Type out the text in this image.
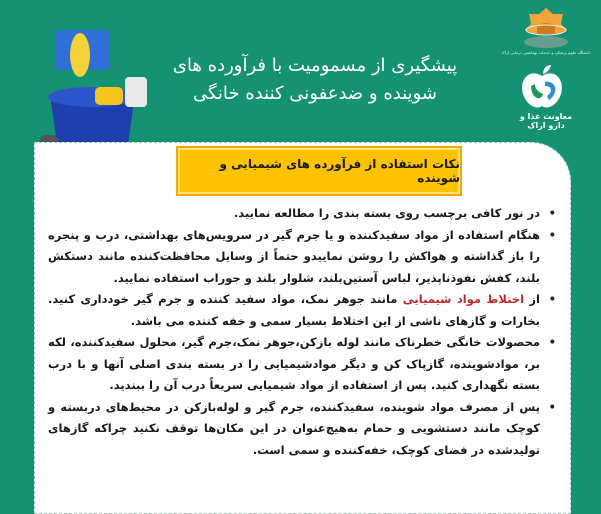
پیشگیری از مسمومیت با فرآورده های
شوینده و ضدعفونی کننده خانگی
دانشگاه علوم پزشکی و خدمات بهداشتی درمانی اراک
معاونت غذا و دارو اراک
نکات استفاده از فرآورده های شیمیایی و شوینده
• در نور کافی برچسب روی بسته بندی را مطالعه نمایید.
• هنگام استفاده از مواد سفیدکننده و یا جرم گیر در سرویس‌های بهداشتی، درب و پنجره را باز گذاشته و هواکش را روشن نماییدو حتماً از وسایل محافظت‌کننده مانند دستکش بلند، کفش نفوذناپذیر، لباس آستین‌بلند، شلوار بلند و جوراب استفاده نمایید.
• از اختلاط مواد شیمیایی مانند جوهر نمک، مواد سفید کننده و جرم گیر خودداری کنید. بخارات و گازهای ناشی از این اختلاط بسیار سمی و خفه کننده می باشد.
• محصولات خانگی خطرناک مانند لوله بازکن،جوهر نمک،جرم گیر، محلول سفیدکننده، لکه بر، موادشوینده، گازپاک کن و دیگر موادشیمیایی را در بسته بندی اصلی آنها و با درب بسته نگهداری کنید. پس از استفاده از مواد شیمیایی سریعاً درب آن را ببندید.
• پس از مصرف مواد شوینده، سفیدکننده، جرم گیر و لوله‌بازکن در محیط‌های دربسته و کوچک مانند دستشویی و حمام به‌هیچ‌عنوان در این مکان‌ها توقف نکنید چراکه گازهای تولیدشده در فضای کوچک، خفه‌کننده و سمی است.
